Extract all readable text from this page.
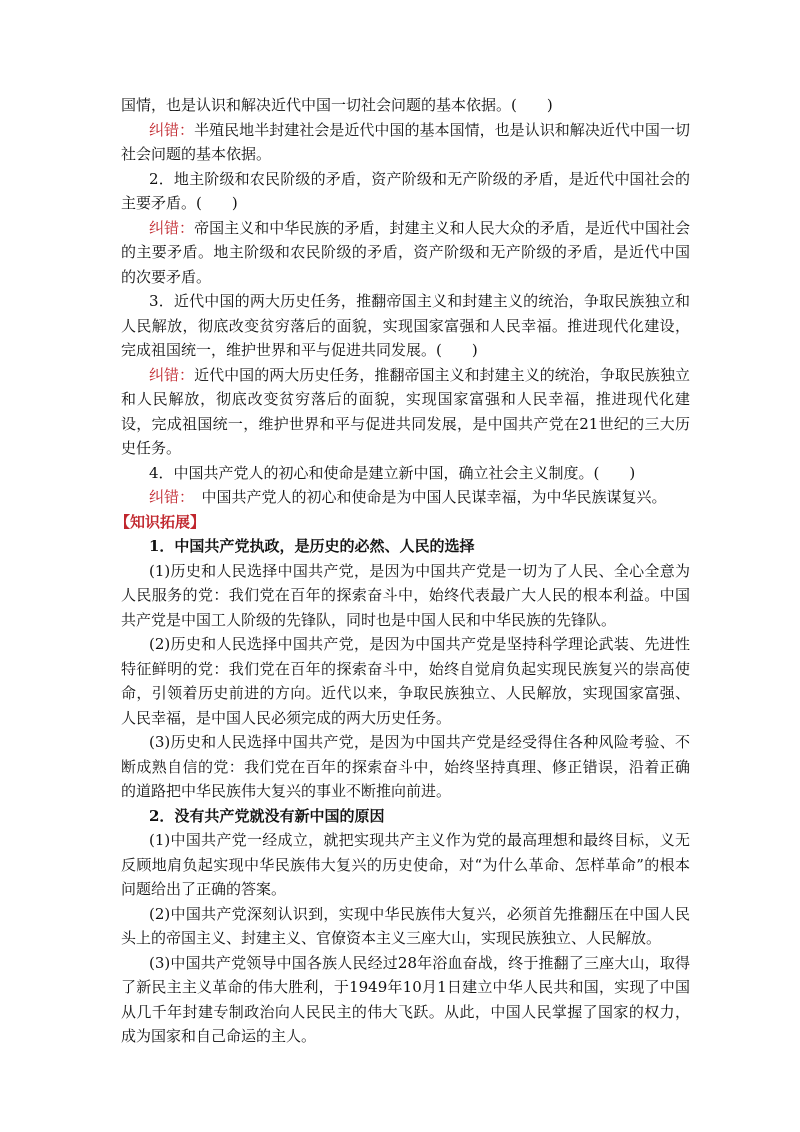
国情，也是认识和解决近代中国一切社会问题的基本依据。(　　)

纠错：半殖民地半封建社会是近代中国的基本国情，也是认识和解决近代中国一切社会问题的基本依据。

2．地主阶级和农民阶级的矛盾，资产阶级和无产阶级的矛盾，是近代中国社会的主要矛盾。(　　)

纠错：帝国主义和中华民族的矛盾，封建主义和人民大众的矛盾，是近代中国社会的主要矛盾。地主阶级和农民阶级的矛盾，资产阶级和无产阶级的矛盾，是近代中国的次要矛盾。

3．近代中国的两大历史任务，推翻帝国主义和封建主义的统治，争取民族独立和人民解放，彻底改变贫穷落后的面貌，实现国家富强和人民幸福。推进现代化建设，完成祖国统一，维护世界和平与促进共同发展。(　　)

纠错：近代中国的两大历史任务，推翻帝国主义和封建主义的统治，争取民族独立和人民解放，彻底改变贫穷落后的面貌，实现国家富强和人民幸福，推进现代化建设，完成祖国统一，维护世界和平与促进共同发展，是中国共产党在21世纪的三大历史任务。

4．中国共产党人的初心和使命是建立新中国，确立社会主义制度。(　　)

纠错：　中国共产党人的初心和使命是为中国人民谋幸福，为中华民族谋复兴。

【知识拓展】

1．中国共产党执政，是历史的必然、人民的选择

(1)历史和人民选择中国共产党，是因为中国共产党是一切为了人民、全心全意为人民服务的党：我们党在百年的探索奋斗中，始终代表最广大人民的根本利益。中国共产党是中国工人阶级的先锋队，同时也是中国人民和中华民族的先锋队。

(2)历史和人民选择中国共产党，是因为中国共产党是坚持科学理论武装、先进性特征鲜明的党：我们党在百年的探索奋斗中，始终自觉肩负起实现民族复兴的崇高使命，引领着历史前进的方向。近代以来，争取民族独立、人民解放，实现国家富强、人民幸福，是中国人民必须完成的两大历史任务。

(3)历史和人民选择中国共产党，是因为中国共产党是经受得住各种风险考验、不断成熟自信的党：我们党在百年的探索奋斗中，始终坚持真理、修正错误，沿着正确的道路把中华民族伟大复兴的事业不断推向前进。

2．没有共产党就没有新中国的原因

(1)中国共产党一经成立，就把实现共产主义作为党的最高理想和最终目标，义无反顾地肩负起实现中华民族伟大复兴的历史使命，对“为什么革命、怎样革命”的根本问题给出了正确的答案。

(2)中国共产党深刻认识到，实现中华民族伟大复兴，必须首先推翻压在中国人民头上的帝国主义、封建主义、官僚资本主义三座大山，实现民族独立、人民解放。

(3)中国共产党领导中国各族人民经过28年浴血奋战，终于推翻了三座大山，取得了新民主主义革命的伟大胜利，于1949年10月1日建立中华人民共和国，实现了中国从几千年封建专制政治向人民民主的伟大飞跃。从此，中国人民掌握了国家的权力，成为国家和自己命运的主人。
